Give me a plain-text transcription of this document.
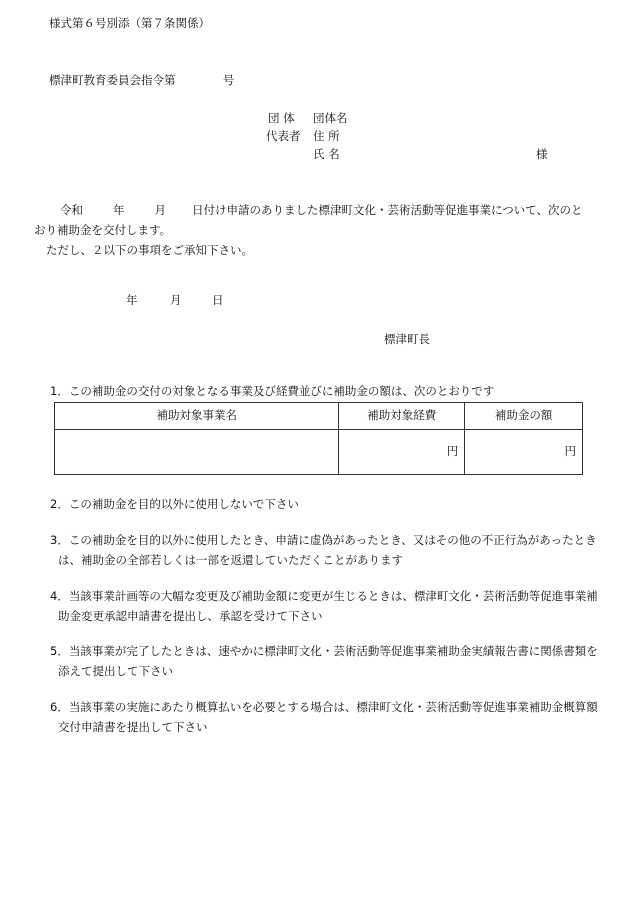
様式第６号別添（第７条関係）
標津町教育委員会指令第	号
団 体 団体名
代表者 住 所
氏 名	様
令和	年	月 日付け申請のありました標津町文化・芸術活動等促進事業について、次のと
おり補助金を交付します。
ただし、２以下の事項をご承知下さい。
年	月	日
標津町長
1．この補助金の交付の対象となる事業及び経費並びに補助金の額は、次のとおりです
補助対象事業名	補助対象経費	補助金の額
	円	円
2．この補助金を目的以外に使用しないで下さい
3．この補助金を目的以外に使用したとき、申請に虚偽があったとき、又はその他の不正行為があったとき
は、補助金の全部若しくは一部を返還していただくことがあります
4．当該事業計画等の大幅な変更及び補助金額に変更が生じるときは、標津町文化・芸術活動等促進事業補
助金変更承認申請書を提出し、承認を受けて下さい
5．当該事業が完了したときは、速やかに標津町文化・芸術活動等促進事業補助金実績報告書に関係書類を
添えて提出して下さい
6．当該事業の実施にあたり概算払いを必要とする場合は、標津町文化・芸術活動等促進事業補助金概算額
交付申請書を提出して下さい
